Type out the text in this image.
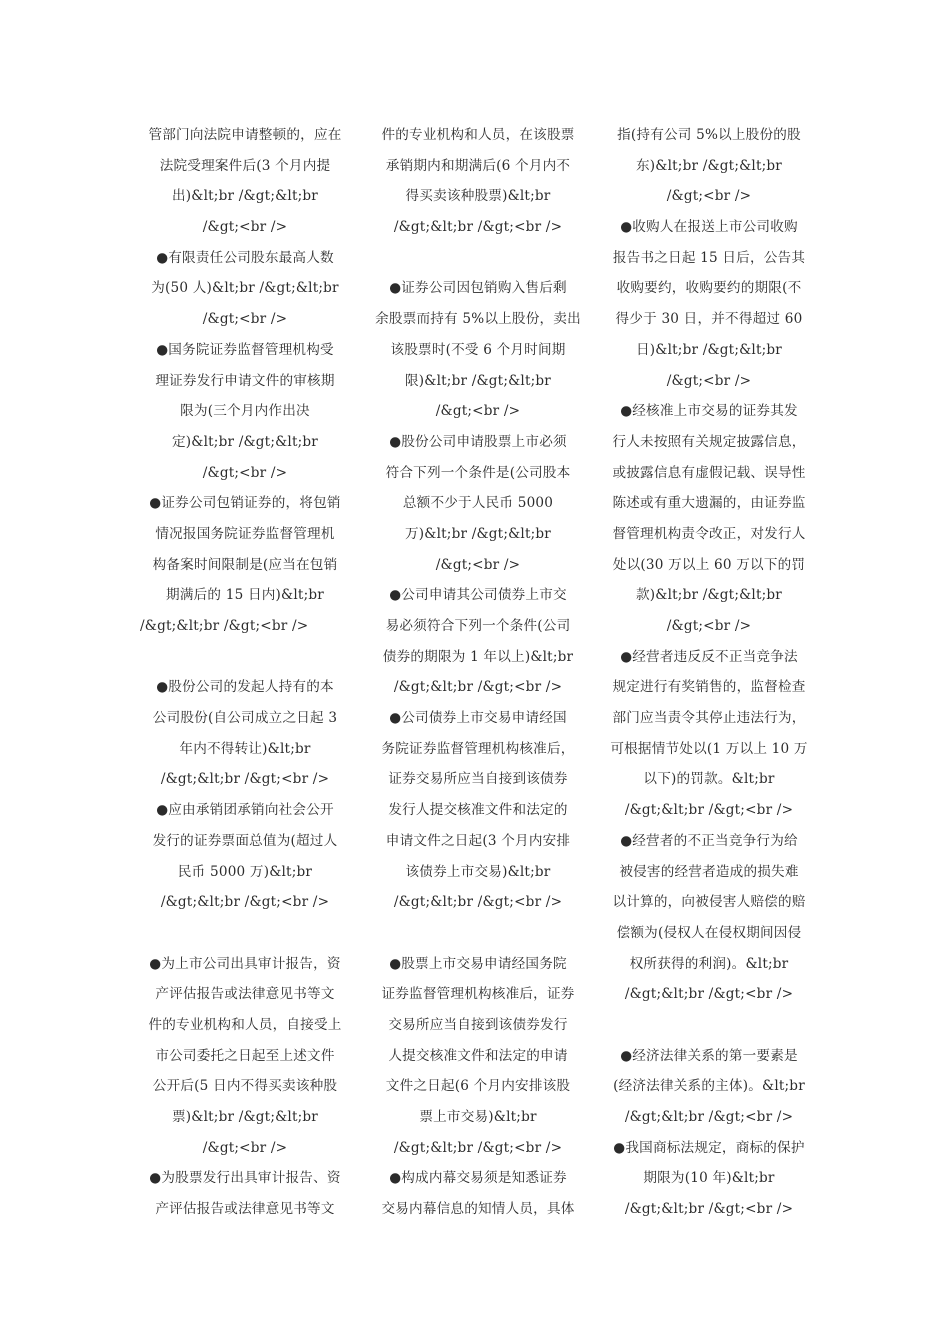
管部门向法院申请整顿的，应在
法院受理案件后(3 个月内提
出)&lt;br /&gt;&lt;br
/&gt;<br />
●有限责任公司股东最高人数
为(50 人)&lt;br /&gt;&lt;br
/&gt;<br />
●国务院证券监督管理机构受
理证券发行申请文件的审核期
限为(三个月内作出决
定)&lt;br /&gt;&lt;br
/&gt;<br />
●证券公司包销证券的，将包销
情况报国务院证券监督管理机
构备案时间限制是(应当在包销
期满后的 15 日内)&lt;br
/&gt;&lt;br /&gt;<br />
●股份公司的发起人持有的本
公司股份(自公司成立之日起 3
年内不得转让)&lt;br
/&gt;&lt;br /&gt;<br />
●应由承销团承销向社会公开
发行的证券票面总值为(超过人
民币 5000 万)&lt;br
/&gt;&lt;br /&gt;<br />
●为上市公司出具审计报告，资
产评估报告或法律意见书等文
件的专业机构和人员，自接受上
市公司委托之日起至上述文件
公开后(5 日内不得买卖该种股
票)&lt;br /&gt;&lt;br
/&gt;<br />
●为股票发行出具审计报告、资
产评估报告或法律意见书等文
件的专业机构和人员，在该股票
承销期内和期满后(6 个月内不
得买卖该种股票)&lt;br
/&gt;&lt;br /&gt;<br />
●证券公司因包销购入售后剩
余股票而持有 5%以上股份，卖出
该股票时(不受 6 个月时间期
限)&lt;br /&gt;&lt;br
/&gt;<br />
●股份公司申请股票上市必须
符合下列一个条件是(公司股本
总额不少于人民币 5000
万)&lt;br /&gt;&lt;br
/&gt;<br />
●公司申请其公司债券上市交
易必须符合下列一个条件(公司
债券的期限为 1 年以上)&lt;br
/&gt;&lt;br /&gt;<br />
●公司债券上市交易申请经国
务院证券监督管理机构核准后，
证券交易所应当自接到该债券
发行人提交核准文件和法定的
申请文件之日起(3 个月内安排
该债券上市交易)&lt;br
/&gt;&lt;br /&gt;<br />
●股票上市交易申请经国务院
证券监督管理机构核准后，证券
交易所应当自接到该债券发行
人提交核准文件和法定的申请
文件之日起(6 个月内安排该股
票上市交易)&lt;br
/&gt;&lt;br /&gt;<br />
●构成内幕交易须是知悉证券
交易内幕信息的知情人员，具体
指(持有公司 5%以上股份的股
东)&lt;br /&gt;&lt;br
/&gt;<br />
●收购人在报送上市公司收购
报告书之日起 15 日后，公告其
收购要约，收购要约的期限(不
得少于 30 日，并不得超过 60
日)&lt;br /&gt;&lt;br
/&gt;<br />
●经核准上市交易的证券其发
行人未按照有关规定披露信息，
或披露信息有虚假记载、误导性
陈述或有重大遗漏的，由证券监
督管理机构责令改正，对发行人
处以(30 万以上 60 万以下的罚
款)&lt;br /&gt;&lt;br
/&gt;<br />
●经营者违反反不正当竞争法
规定进行有奖销售的，监督检查
部门应当责令其停止违法行为，
可根据情节处以(1 万以上 10 万
以下)的罚款。&lt;br
/&gt;&lt;br /&gt;<br />
●经营者的不正当竞争行为给
被侵害的经营者造成的损失难
以计算的，向被侵害人赔偿的赔
偿额为(侵权人在侵权期间因侵
权所获得的利润)。&lt;br
/&gt;&lt;br /&gt;<br />
●经济法律关系的第一要素是
(经济法律关系的主体)。&lt;br
/&gt;&lt;br /&gt;<br />
●我国商标法规定，商标的保护
期限为(10 年)&lt;br
/&gt;&lt;br /&gt;<br />
